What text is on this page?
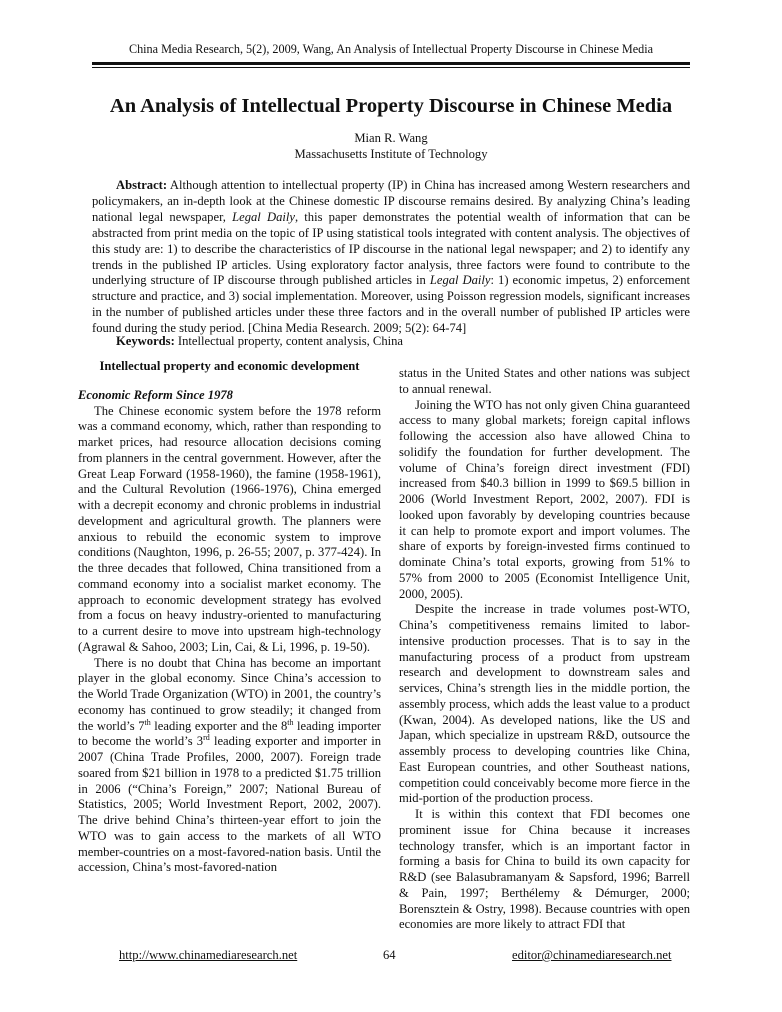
China Media Research, 5(2), 2009, Wang, An Analysis of Intellectual Property Discourse in Chinese Media
An Analysis of Intellectual Property Discourse in Chinese Media
Mian R. Wang
Massachusetts Institute of Technology

Abstract: Although attention to intellectual property (IP) in China has increased among Western researchers and policymakers, an in-depth look at the Chinese domestic IP discourse remains desired. By analyzing China’s leading national legal newspaper, Legal Daily, this paper demonstrates the potential wealth of information that can be abstracted from print media on the topic of IP using statistical tools integrated with content analysis. The objectives of this study are: 1) to describe the characteristics of IP discourse in the national legal newspaper; and 2) to identify any trends in the published IP articles. Using exploratory factor analysis, three factors were found to contribute to the underlying structure of IP discourse through published articles in Legal Daily: 1) economic impetus, 2) enforcement structure and practice, and 3) social implementation. Moreover, using Poisson regression models, significant increases in the number of published articles under these three factors and in the overall number of published IP articles were found during the study period. [China Media Research. 2009; 5(2): 64-74]

Keywords: Intellectual property, content analysis, China

Intellectual property and economic development
Economic Reform Since 1978

The Chinese economic system before the 1978 reform was a command economy, which, rather than responding to market prices, had resource allocation decisions coming from planners in the central government. However, after the Great Leap Forward (1958-1960), the famine (1958-1961), and the Cultural Revolution (1966-1976), China emerged with a decrepit economy and chronic problems in industrial development and agricultural growth. The planners were anxious to rebuild the economic system to improve conditions (Naughton, 1996, p. 26-55; 2007, p. 377-424). In the three decades that followed, China transitioned from a command economy into a socialist market economy. The approach to economic development strategy has evolved from a focus on heavy industry-oriented to manufacturing to a current desire to move into upstream high-technology (Agrawal & Sahoo, 2003; Lin, Cai, & Li, 1996, p. 19-50).

There is no doubt that China has become an important player in the global economy. Since China’s accession to the World Trade Organization (WTO) in 2001, the country’s economy has continued to grow steadily; it changed from the world’s 7th leading exporter and the 8th leading importer to become the world’s 3rd leading exporter and importer in 2007 (China Trade Profiles, 2000, 2007). Foreign trade soared from $21 billion in 1978 to a predicted $1.75 trillion in 2006 (“China’s Foreign,” 2007; National Bureau of Statistics, 2005; World Investment Report, 2002, 2007). The drive behind China’s thirteen-year effort to join the WTO was to gain access to the markets of all WTO member-countries on a most-favored-nation basis. Until the accession, China’s most-favored-nation

status in the United States and other nations was subject to annual renewal.

Joining the WTO has not only given China guaranteed access to many global markets; foreign capital inflows following the accession also have allowed China to solidify the foundation for further development. The volume of China’s foreign direct investment (FDI) increased from $40.3 billion in 1999 to $69.5 billion in 2006 (World Investment Report, 2002, 2007). FDI is looked upon favorably by developing countries because it can help to promote export and import volumes. The share of exports by foreign-invested firms continued to dominate China’s total exports, growing from 51% to 57% from 2000 to 2005 (Economist Intelligence Unit, 2000, 2005).

Despite the increase in trade volumes post-WTO, China’s competitiveness remains limited to labor-intensive production processes. That is to say in the manufacturing process of a product from upstream research and development to downstream sales and services, China’s strength lies in the middle portion, the assembly process, which adds the least value to a product (Kwan, 2004). As developed nations, like the US and Japan, which specialize in upstream R&D, outsource the assembly process to developing countries like China, East European countries, and other Southeast nations, competition could conceivably become more fierce in the mid-portion of the production process.

It is within this context that FDI becomes one prominent issue for China because it increases technology transfer, which is an important factor in forming a basis for China to build its own capacity for R&D (see Balasubramanyam & Sapsford, 1996; Barrell & Pain, 1997; Berthélemy & Démurger, 2000; Borensztein & Ostry, 1998). Because countries with open economies are more likely to attract FDI that

http://www.chinamediaresearch.net	64	editor@chinamediaresearch.net
